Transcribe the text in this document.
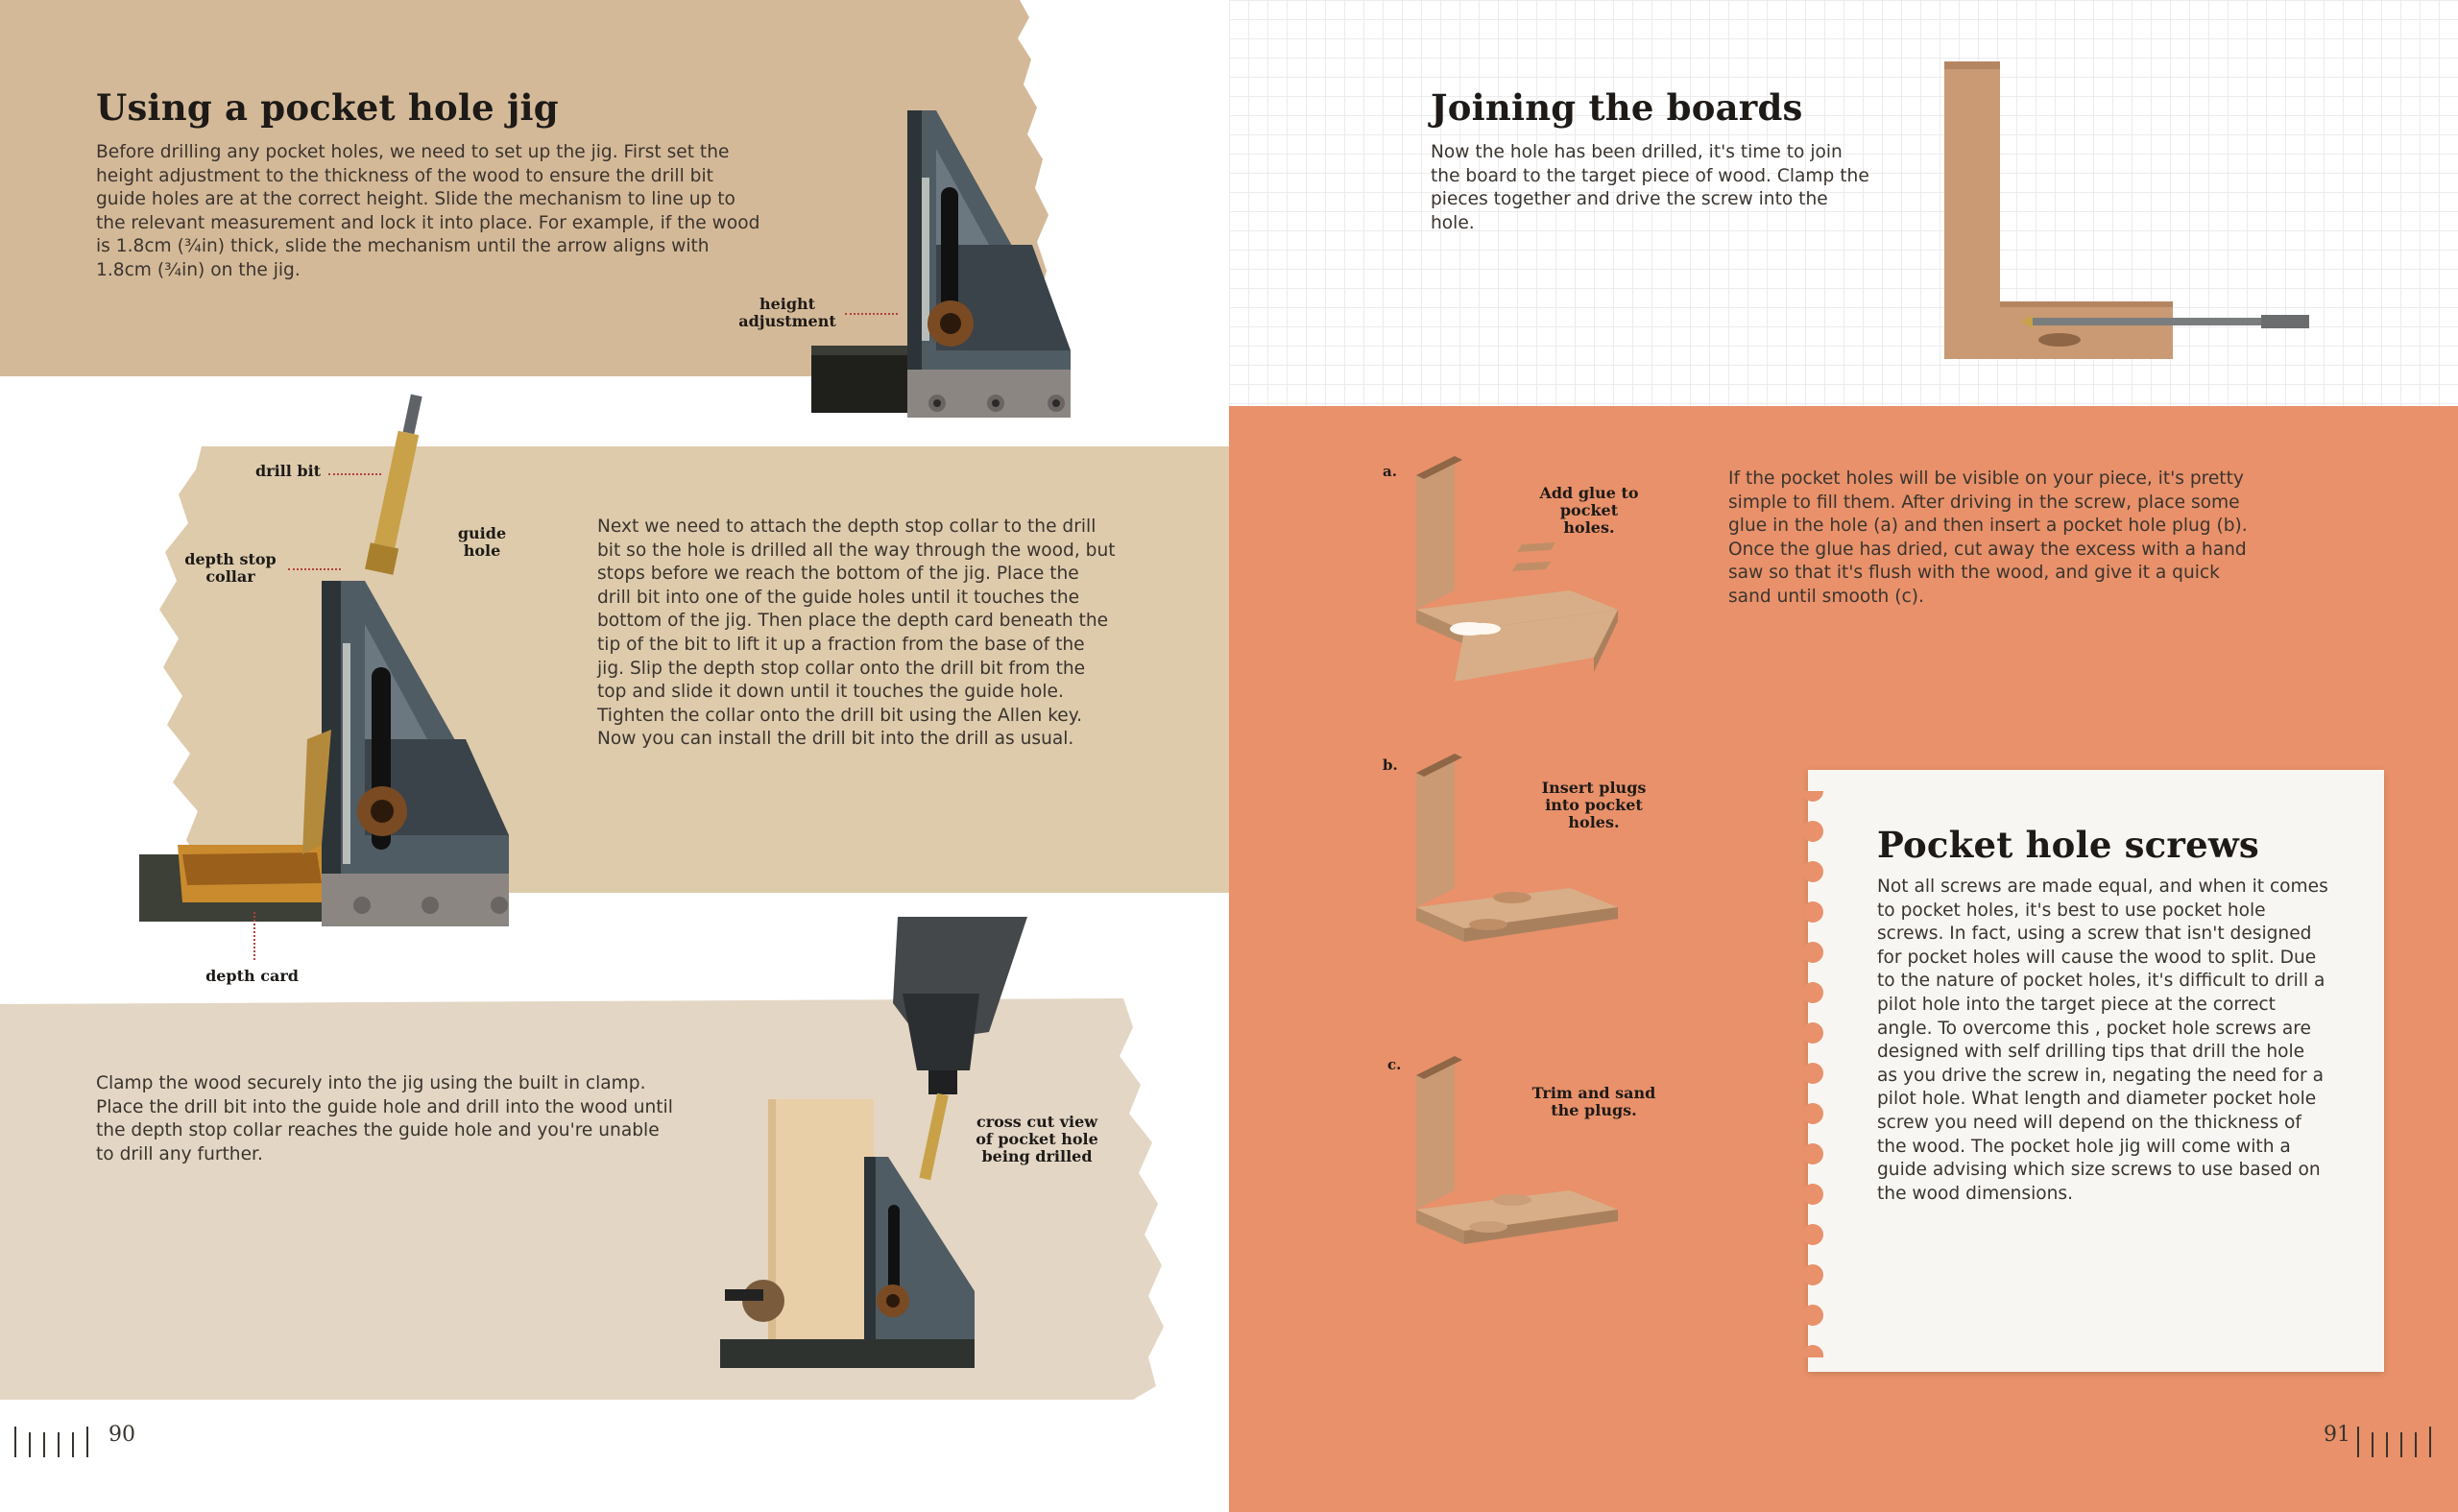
Using a pocket hole jig

Before drilling any pocket holes, we need to set up the jig. First set the height adjustment to the thickness of the wood to ensure the drill bit guide holes are at the correct height. Slide the mechanism to line up to the relevant measurement and lock it into place. For example, if the wood is 1.8cm (¾in) thick, slide the mechanism until the arrow aligns with 1.8cm (¾in) on the jig.

height adjustment
drill bit
guide hole
depth stop collar
depth card

Next we need to attach the depth stop collar to the drill bit so the hole is drilled all the way through the wood, but stops before we reach the bottom of the jig. Place the drill bit into one of the guide holes until it touches the bottom of the jig. Then place the depth card beneath the tip of the bit to lift it up a fraction from the base of the jig. Slip the depth stop collar onto the drill bit from the top and slide it down until it touches the guide hole. Tighten the collar onto the drill bit using the Allen key. Now you can install the drill bit into the drill as usual.

Clamp the wood securely into the jig using the built in clamp. Place the drill bit into the guide hole and drill into the wood until the depth stop collar reaches the guide hole and you're unable to drill any further.

cross cut view of pocket hole being drilled
90
Joining the boards

Now the hole has been drilled, it's time to join the board to the target piece of wood. Clamp the pieces together and drive the screw into the hole.

If the pocket holes will be visible on your piece, it's pretty simple to fill them. After driving in the screw, place some glue in the hole (a) and then insert a pocket hole plug (b). Once the glue has dried, cut away the excess with a hand saw so that it's flush with the wood, and give it a quick sand until smooth (c).

a.
Add glue to pocket holes.
b.
Insert plugs into pocket holes.
c.
Trim and sand the plugs.
Pocket hole screws

Not all screws are made equal, and when it comes to pocket holes, it's best to use pocket hole screws. In fact, using a screw that isn't designed for pocket holes will cause the wood to split. Due to the nature of pocket holes, it's difficult to drill a pilot hole into the target piece at the correct angle. To overcome this , pocket hole screws are designed with self drilling tips that drill the hole as you drive the screw in, negating the need for a pilot hole. What length and diameter pocket hole screw you need will depend on the thickness of the wood. The pocket hole jig will come with a guide advising which size screws to use based on the wood dimensions.

91
